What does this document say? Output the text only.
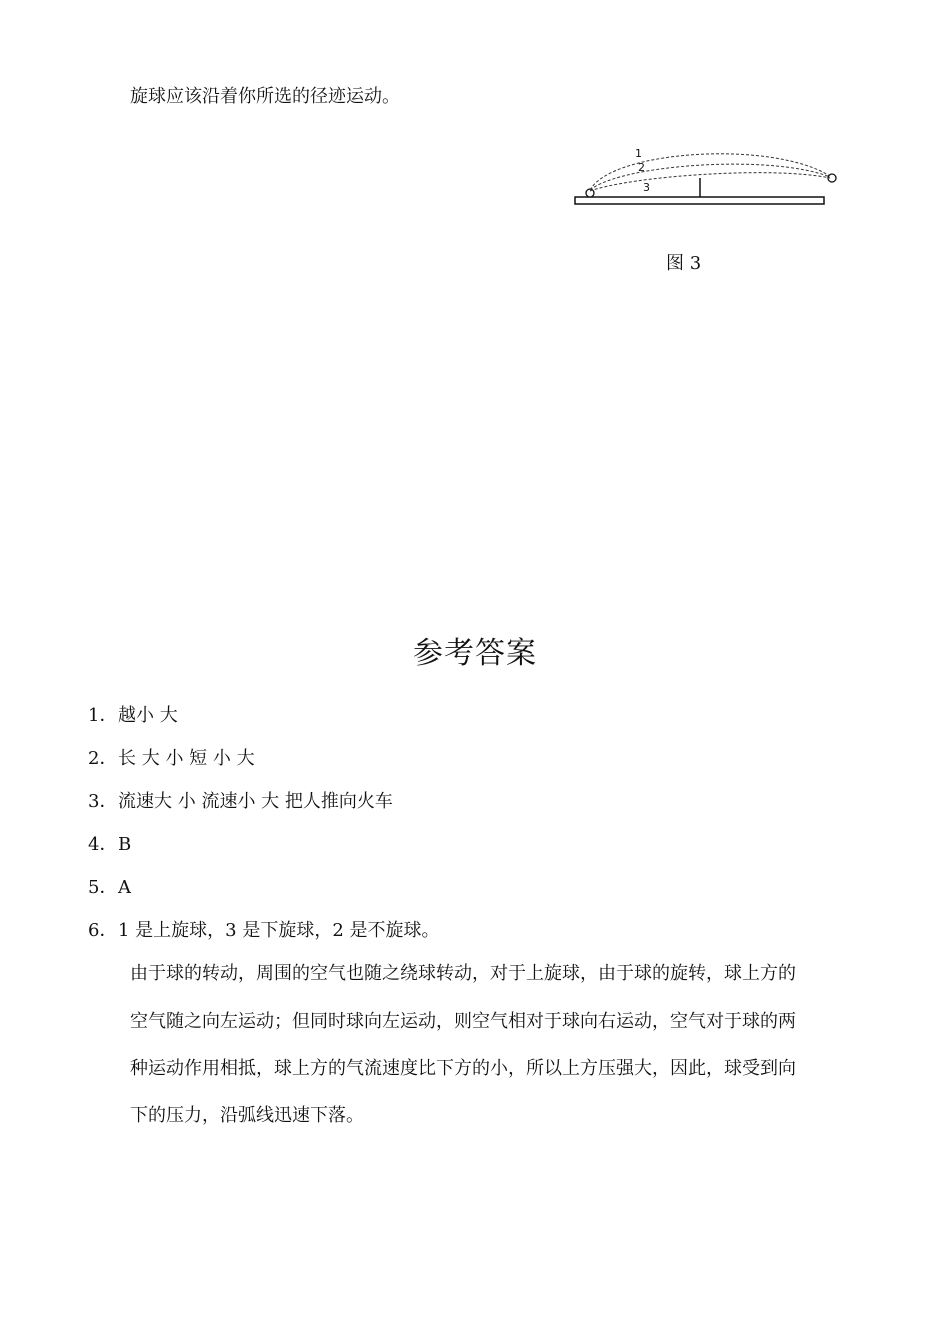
旋球应该沿着你所选的径迹运动。
1
2
3
图 3
参考答案
1．越小 大
2．长 大 小 短 小 大
3．流速大 小 流速小 大 把人推向火车
4．B
5．A
6．1 是上旋球，3 是下旋球，2 是不旋球。
由于球的转动，周围的空气也随之绕球转动，对于上旋球，由于球的旋转，球上方的
空气随之向左运动；但同时球向左运动，则空气相对于球向右运动，空气对于球的两
种运动作用相抵，球上方的气流速度比下方的小，所以上方压强大，因此，球受到向
下的压力，沿弧线迅速下落。
